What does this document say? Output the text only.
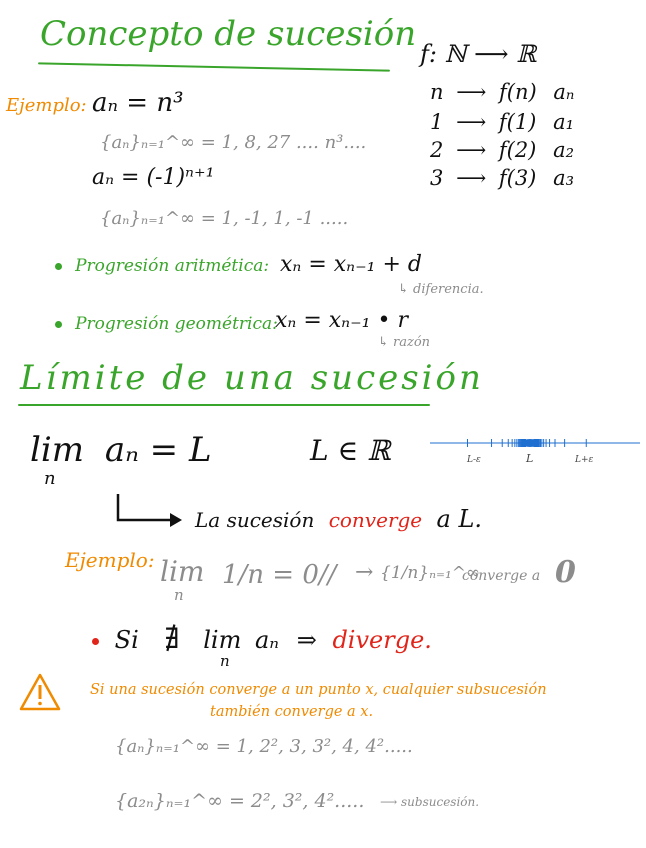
Concepto de sucesión f: ℕ ⟶ ℝ
n ⟶ f(n) aₙ
1 ⟶ f(1) a₁
2 ⟶ f(2) a₂
3 ⟶ f(3) a₃
Ejemplo: aₙ = n³
{aₙ}ₙ₌₁^∞ = 1, 8, 27 .... n³....
aₙ = (-1)ⁿ⁺¹
{aₙ}ₙ₌₁^∞ = 1, -1, 1, -1 .....
Progresión aritmética: xₙ = xₙ₋₁ + d
↳ diferencia.
Progresión geométrica:
xₙ = xₙ₋₁ • r
↳ razón
Límite de una sucesión
lim aₙ = L
n
L ∈ ℝ	L-ε	L	L+ε
La sucesión converge a L.
Ejemplo: lim
n
1/n = 0// → {1/n}ₙ₌₁^∞
converge a 0
Si ∄ lim aₙ ⇒ diverge.
n
Si una sucesión converge a un punto x, cualquier subsucesión
también converge a x.
{aₙ}ₙ₌₁^∞ = 1, 2², 3, 3², 4, 4².....
{a₂ₙ}ₙ₌₁^∞ = 2², 3², 4²..... ⟶ subsucesión.
